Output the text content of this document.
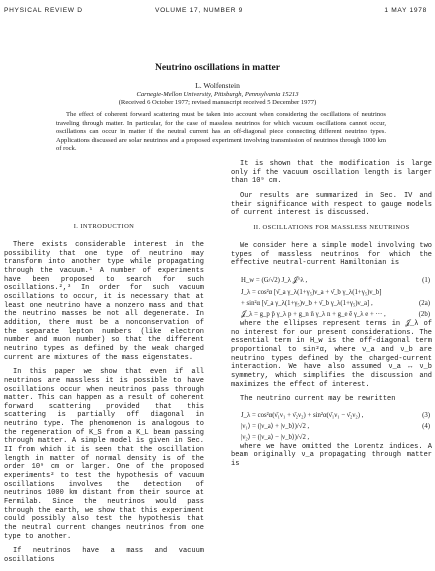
PHYSICAL REVIEW D	VOLUME 17, NUMBER 9	1 MAY 1978
Neutrino oscillations in matter
L. Wolfenstein
Carnegie-Mellon University, Pittsburgh, Pennsylvania 15213
(Received 6 October 1977; revised manuscript received 5 December 1977)
The effect of coherent forward scattering must be taken into account when considering the oscillations of neutrinos traveling through matter. In particular, for the case of massless neutrinos for which vacuum oscillations cannot occur, oscillations can occur in matter if the neutral current has an off-diagonal piece connecting different neutrino types. Applications discussed are solar neutrinos and a proposed experiment involving transmission of neutrinos through 1000 km of rock.
I. INTRODUCTION

There exists considerable interest in the possibility that one type of neutrino may transform into another type while propagating through the vacuum.¹ A number of experiments have been proposed to search for such oscillations.²,³ In order for such vacuum oscillations to occur, it is necessary that at least one neutrino have a nonzero mass and that the neutrino masses be not all degenerate. In addition, there must be a nonconservation of the separate lepton numbers (like electron number and muon number) so that the different neutrino types as defined by the weak charged current are mixtures of the mass eigenstates.

In this paper we show that even if all neutrinos are massless it is possible to have oscillations occur when neutrinos pass through matter. This can happen as a result of coherent forward scattering provided that this scattering is partially off diagonal in neutrino type. The phenomenon is analogous to the regeneration of K_S from a K_L beam passing through matter. A simple model is given in Sec. II from which it is seen that the oscillation length in matter of normal density is of the order 10⁹ cm or larger. One of the proposed experiments² to test the hypothesis of vacuum oscillations involves the detection of neutrinos 1000 km distant from their source at Fermilab. Since the neutrinos would pass through the earth, we show that this experiment could possibly also test the hypothesis that the neutral current changes neutrinos from one type to another.

If neutrinos have a mass and vacuum oscillations

It is shown that the modification is large only if the vacuum oscillation length is larger than 10⁹ cm.

Our results are summarized in Sec. IV and their significance with respect to gauge models of current interest is discussed.

II. OSCILLATIONS FOR MASSLESS NEUTRINOS

We consider here a simple model involving two types of massless neutrinos for which the effective neutral-current Hamiltonian is

H_w = (G/√2) J_λ 𝒥^λ ,	(1)
J_λ = cos²α [ν̄_a γ_λ(1+γ₅)ν_a + ν̄_b γ_λ(1+γ₅)ν_b]
+ sin²α [ν̄_a γ_λ(1+γ₅)ν_b + ν̄_b γ_λ(1+γ₅)ν_a] ,	(2a)
𝒥_λ = g_p p̄ γ_λ p + g_n n̄ γ_λ n + g_e ē γ_λ e + ··· ,	(2b)

where the ellipses represent terms in 𝒥_λ of no interest for our present considerations. The essential term in H_w is the off-diagonal term proportional to sin²α, where ν_a and ν_b are neutrino types defined by the charged-current interaction. We have also assumed ν_a ↔ ν_b symmetry, which simplifies the discussion and maximizes the effect of interest.

The neutrino current may be rewritten

J_λ = cos²α(ν̄₁ν₁ + ν̄₂ν₂) + sin²α(ν̄₁ν₁ − ν̄₂ν₂) ,	(3)
|ν₁⟩ = (|ν_a⟩ + |ν_b⟩)/√2 ,	(4)
|ν₂⟩ = (|ν_a⟩ − |ν_b⟩)/√2 ,

where we have omitted the Lorentz indices. A beam originally ν_a propagating through matter is
